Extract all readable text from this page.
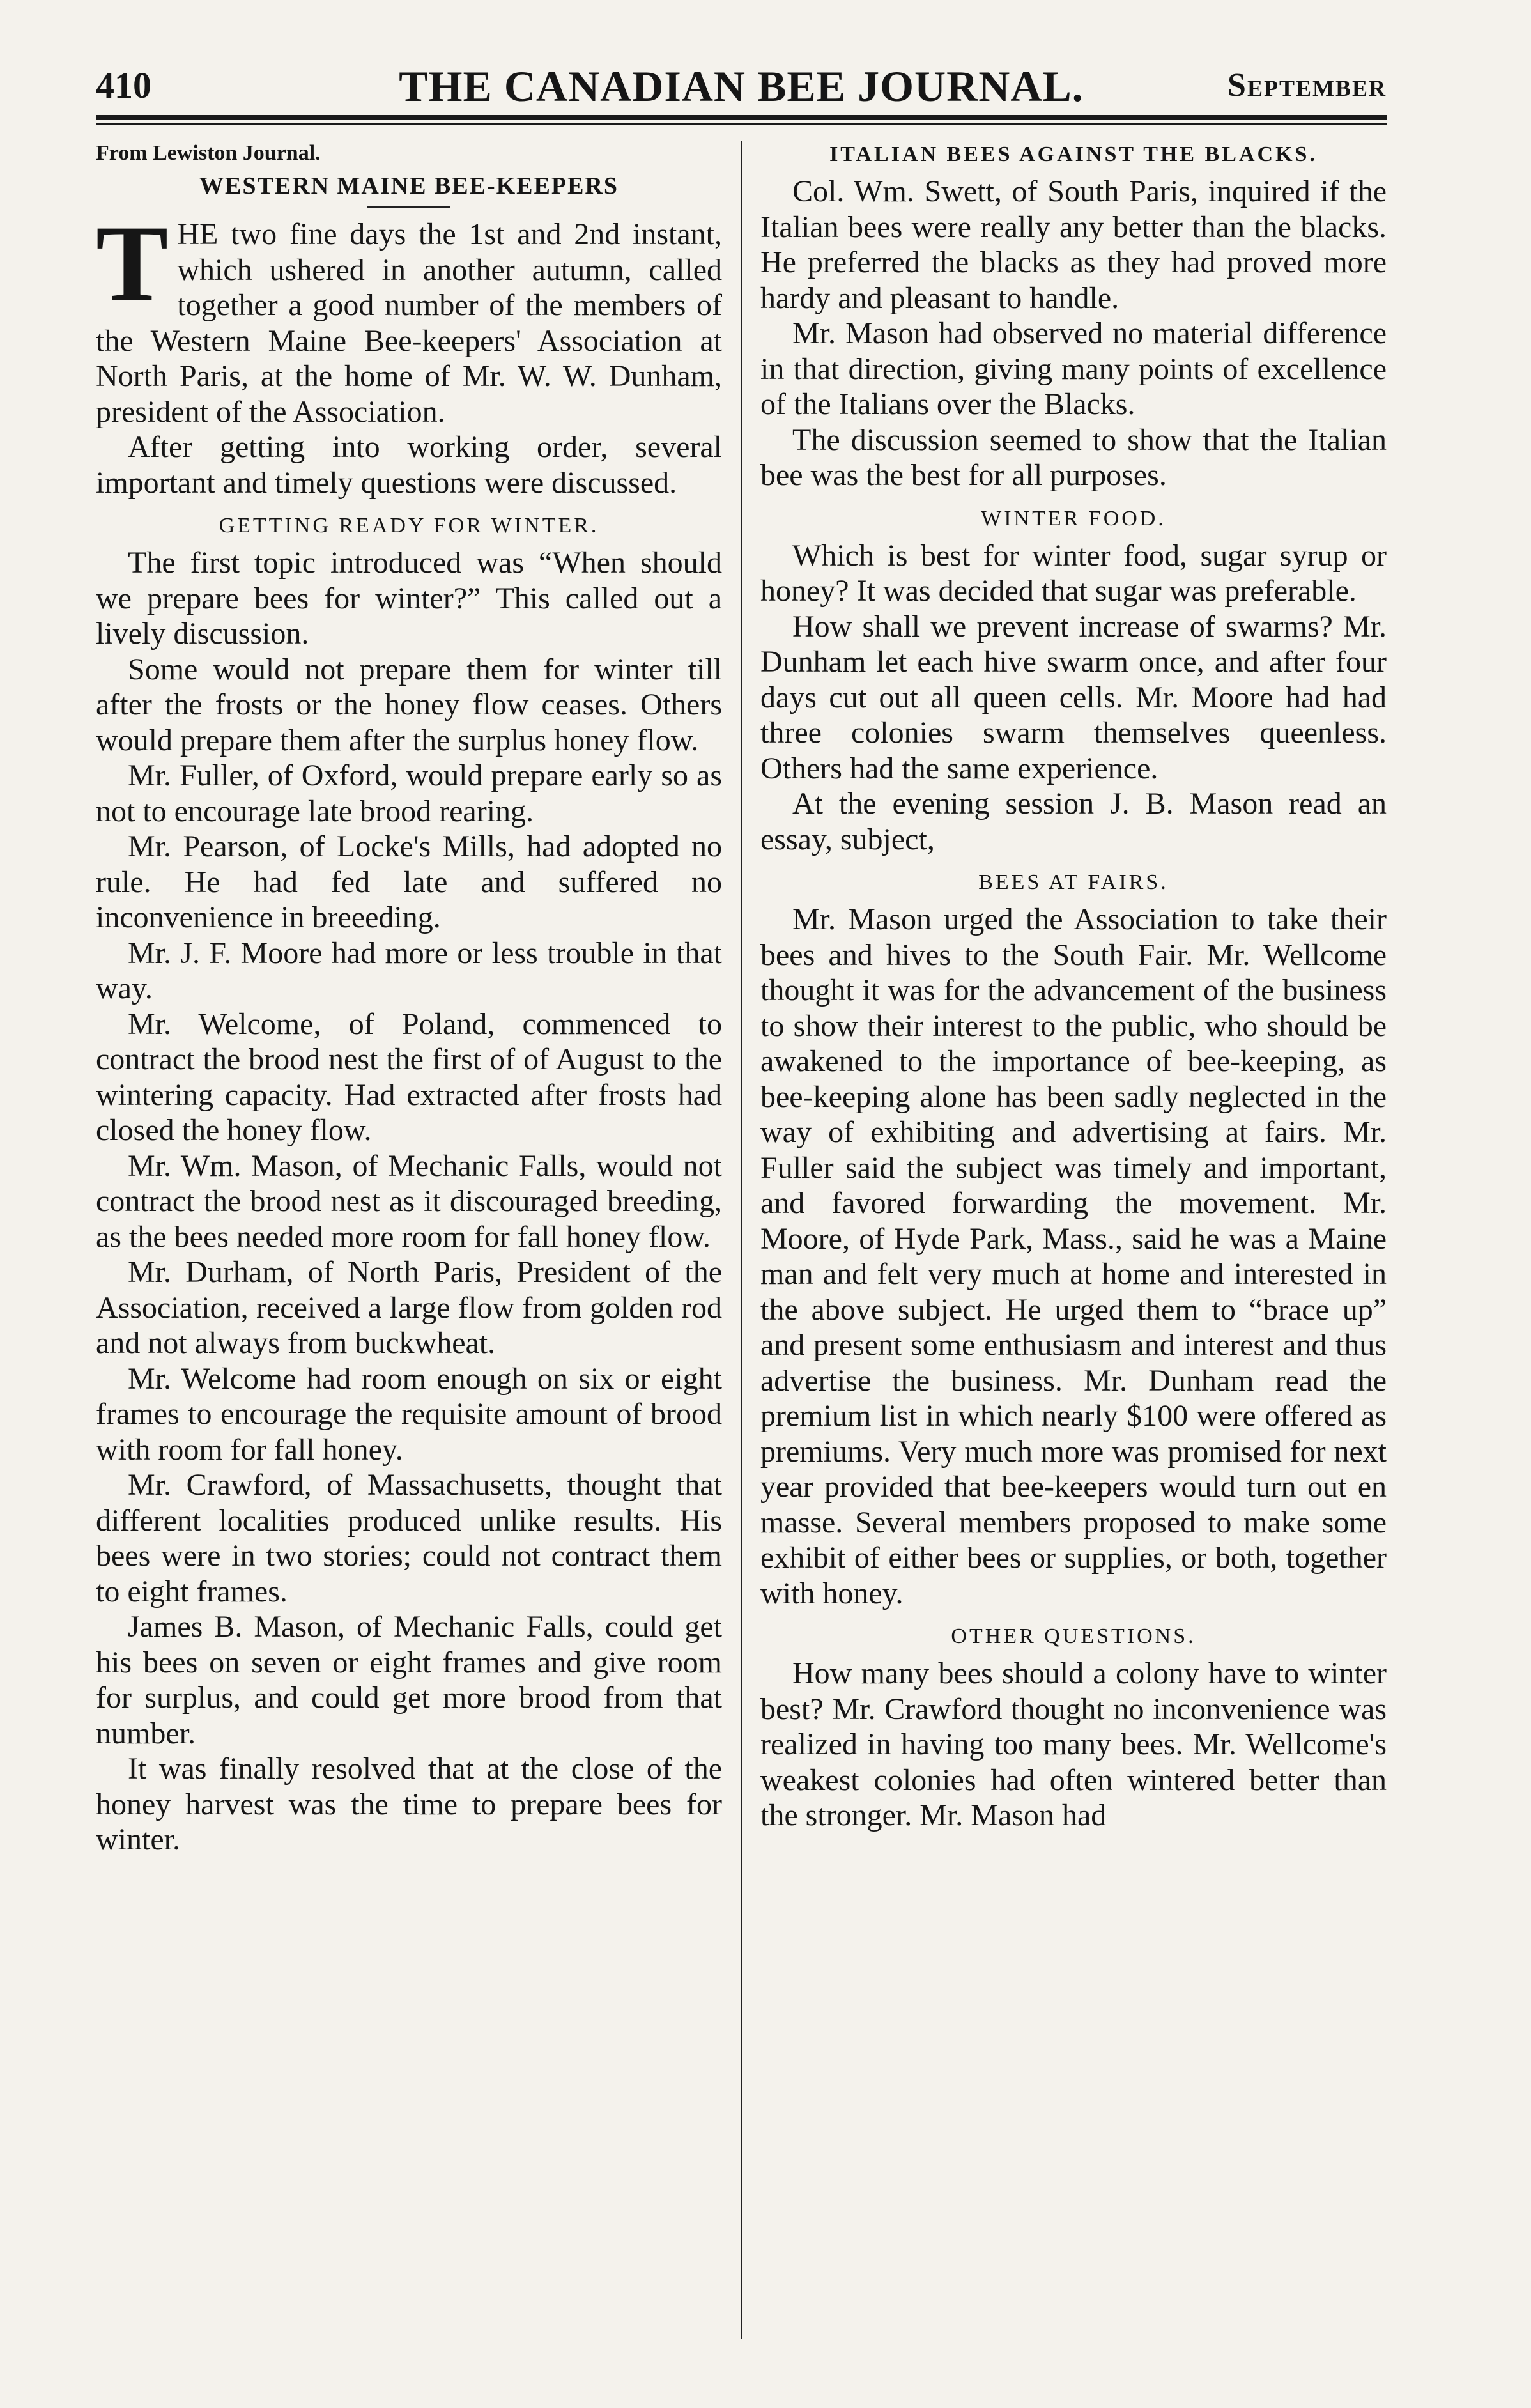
410	THE CANADIAN BEE JOURNAL.	September
From Lewiston Journal.
WESTERN MAINE BEE-KEEPERS

THE two fine days the 1st and 2nd instant, which ushered in another autumn, called together a good number of the members of the Western Maine Bee-keepers' Association at North Paris, at the home of Mr. W. W. Dunham, president of the Association.

After getting into working order, several important and timely questions were discussed.

GETTING READY FOR WINTER.

The first topic introduced was “When should we prepare bees for winter?” This called out a lively discussion.

Some would not prepare them for winter till after the frosts or the honey flow ceases. Others would prepare them after the surplus honey flow.

Mr. Fuller, of Oxford, would prepare early so as not to encourage late brood rearing.

Mr. Pearson, of Locke's Mills, had adopted no rule. He had fed late and suffered no inconvenience in breeeding.

Mr. J. F. Moore had more or less trouble in that way.

Mr. Welcome, of Poland, commenced to contract the brood nest the first of of August to the wintering capacity. Had extracted after frosts had closed the honey flow.

Mr. Wm. Mason, of Mechanic Falls, would not contract the brood nest as it discouraged breeding, as the bees needed more room for fall honey flow.

Mr. Durham, of North Paris, President of the Association, received a large flow from golden rod and not always from buckwheat.

Mr. Welcome had room enough on six or eight frames to encourage the requisite amount of brood with room for fall honey.

Mr. Crawford, of Massachusetts, thought that different localities produced unlike results. His bees were in two stories; could not contract them to eight frames.

James B. Mason, of Mechanic Falls, could get his bees on seven or eight frames and give room for surplus, and could get more brood from that number.

It was finally resolved that at the close of the honey harvest was the time to prepare bees for winter.

ITALIAN BEES AGAINST THE BLACKS.

Col. Wm. Swett, of South Paris, inquired if the Italian bees were really any better than the blacks. He preferred the blacks as they had proved more hardy and pleasant to handle.

Mr. Mason had observed no material difference in that direction, giving many points of excellence of the Italians over the Blacks.

The discussion seemed to show that the Italian bee was the best for all purposes.

WINTER FOOD.

Which is best for winter food, sugar syrup or honey? It was decided that sugar was preferable.

How shall we prevent increase of swarms? Mr. Dunham let each hive swarm once, and after four days cut out all queen cells. Mr. Moore had had three colonies swarm themselves queenless. Others had the same experience.

At the evening session J. B. Mason read an essay, subject,

BEES AT FAIRS.

Mr. Mason urged the Association to take their bees and hives to the South Fair. Mr. Wellcome thought it was for the advancement of the business to show their interest to the public, who should be awakened to the importance of bee-keeping, as bee-keeping alone has been sadly neglected in the way of exhibiting and advertising at fairs. Mr. Fuller said the subject was timely and important, and favored forwarding the movement. Mr. Moore, of Hyde Park, Mass., said he was a Maine man and felt very much at home and interested in the above subject. He urged them to “brace up” and present some enthusiasm and interest and thus advertise the business. Mr. Dunham read the premium list in which nearly $100 were offered as premiums. Very much more was promised for next year provided that bee-keepers would turn out en masse. Several members proposed to make some exhibit of either bees or supplies, or both, together with honey.

OTHER QUESTIONS.

How many bees should a colony have to winter best? Mr. Crawford thought no inconvenience was realized in having too many bees. Mr. Wellcome's weakest colonies had often wintered better than the stronger. Mr. Mason had
